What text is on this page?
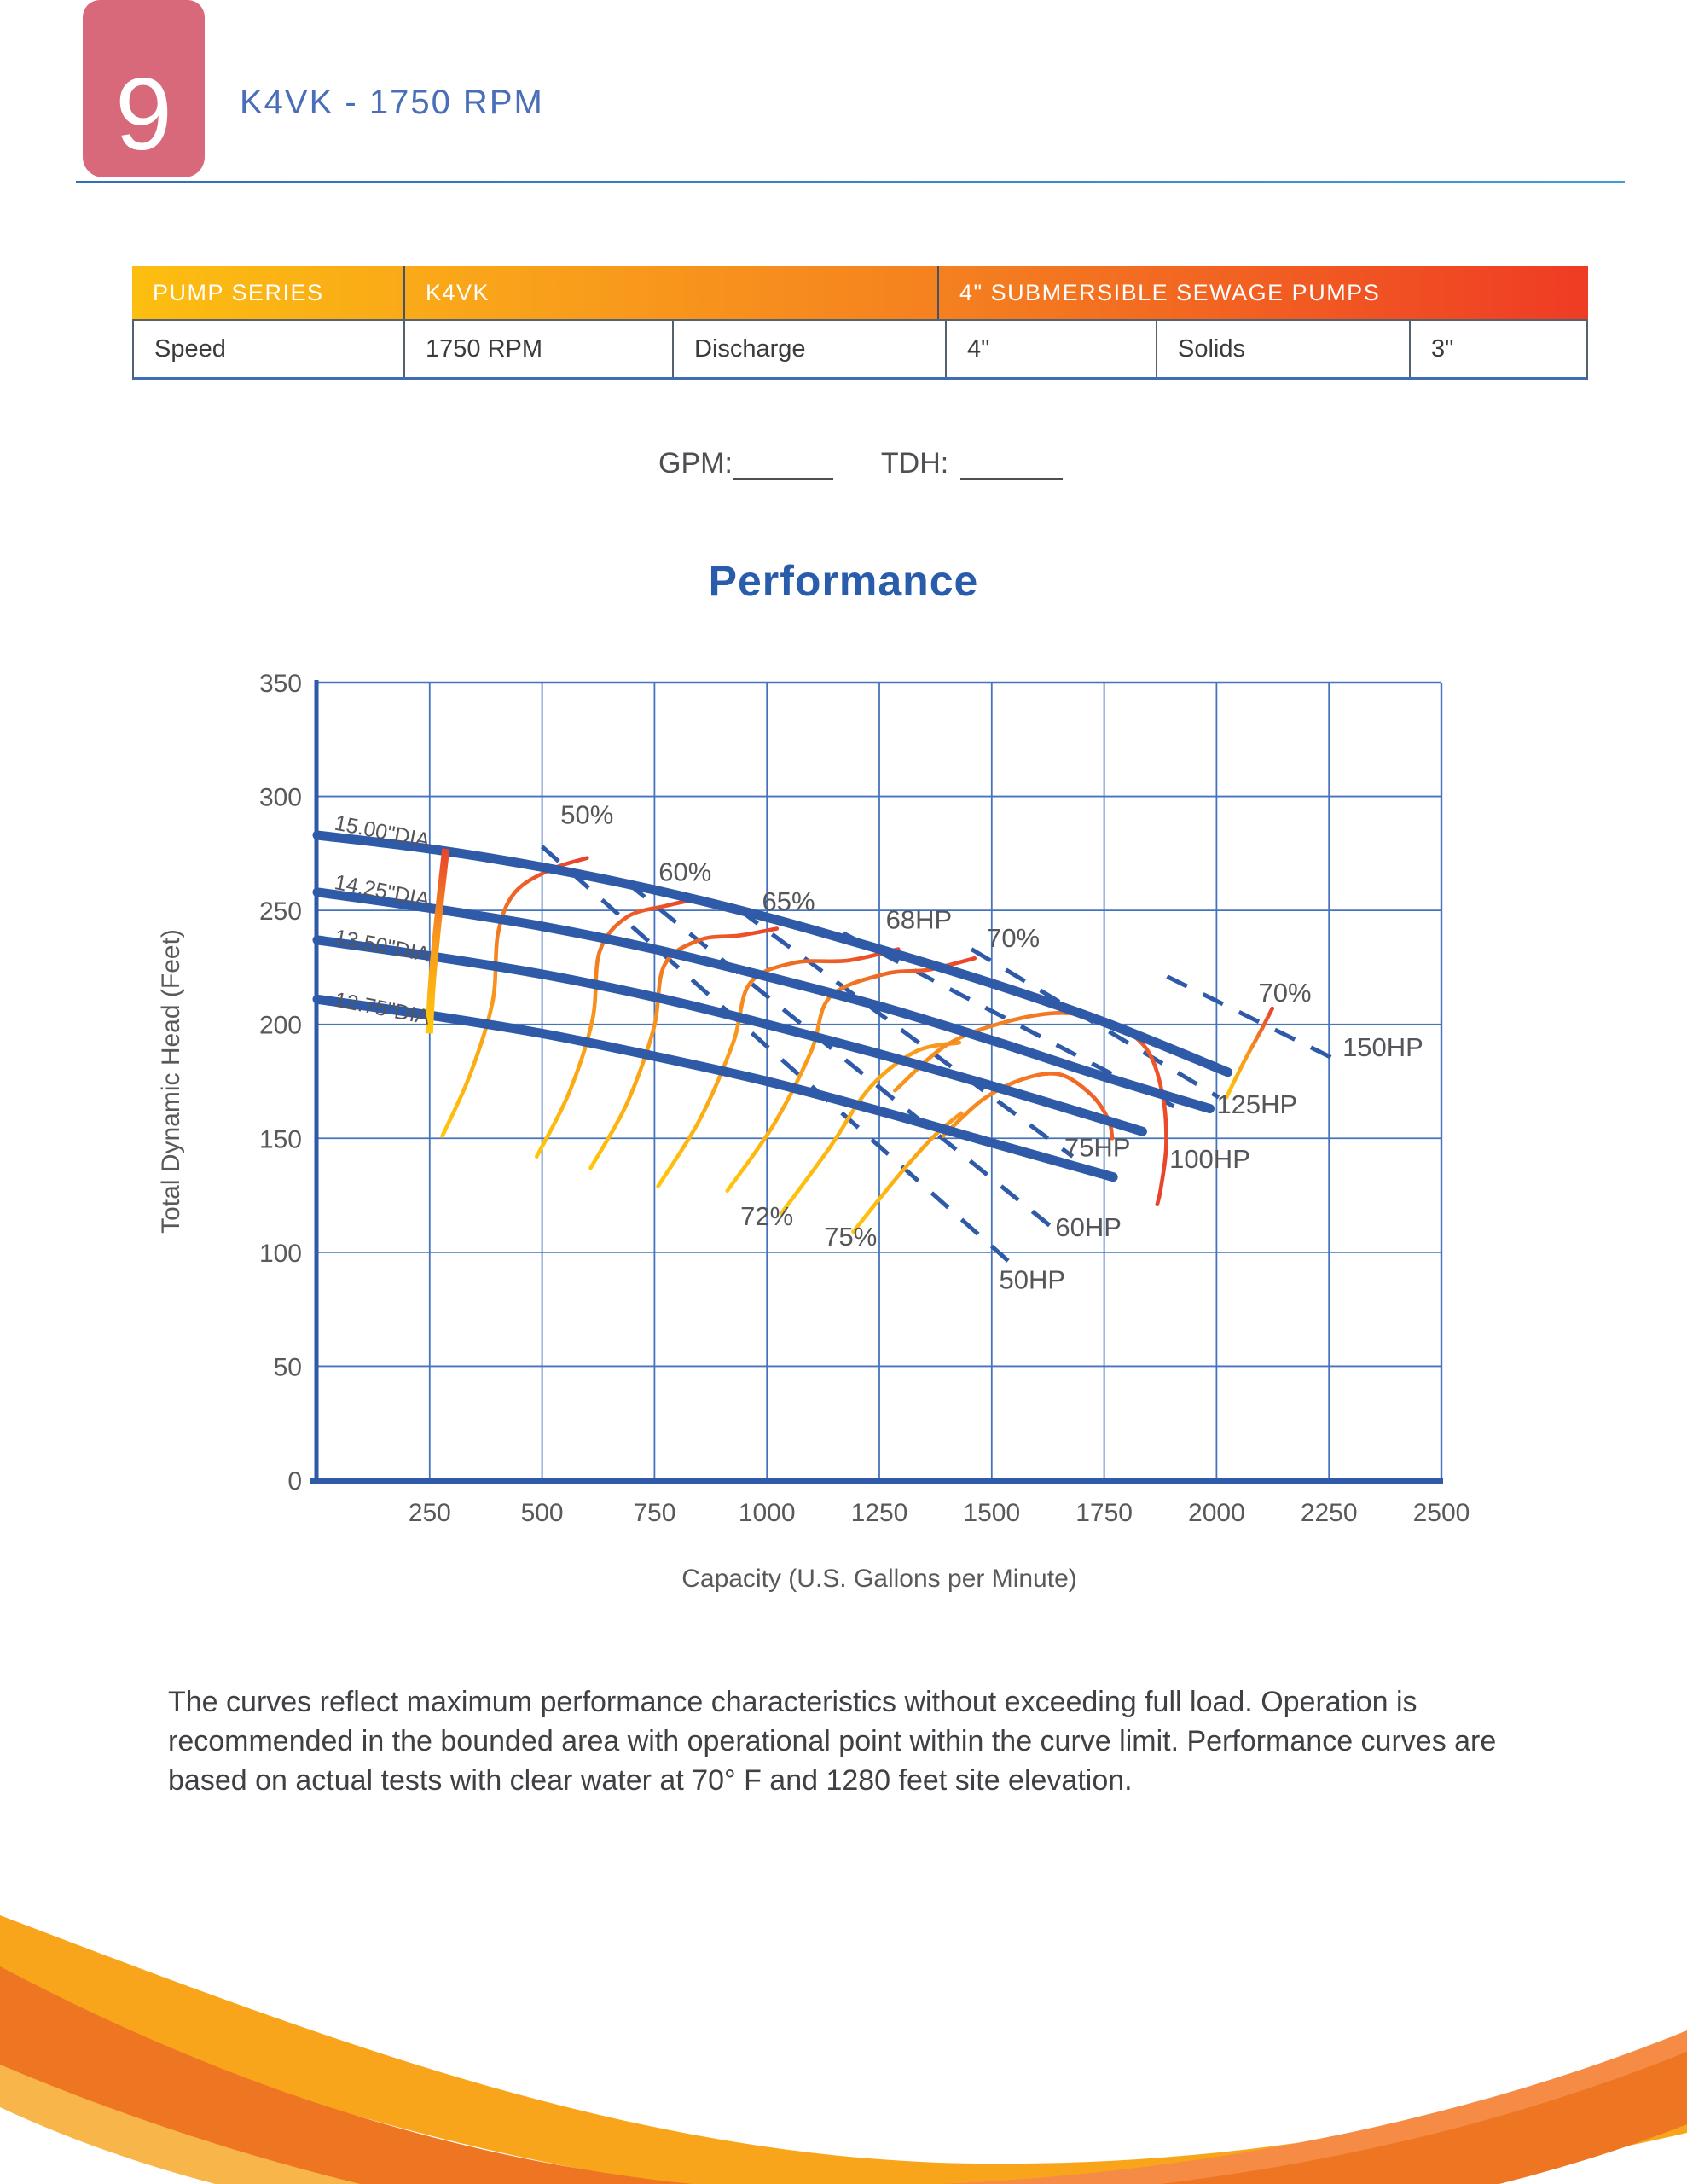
9 K4VK - 1750 RPM
PUMP SERIES	K4VK	4" SUBMERSIBLE SEWAGE PUMPS
Speed	1750 RPM	Discharge	4"	Solids	3"
GPM:	TDH:
Performance
15.00"DIA
14.25"DIA
13.50"DIA
12.75"DIA
50%
60%
65%
68HP
70%
72%
75%
70%
50HP
60HP
75HP 100HP
125HP
150HP
0
50
100
150
200
250
300
350
250	500	750 1000 1250 1500 1750 2000 2250 2500
Capacity (U.S. Gallons per Minute)
Total Dynamic Head (Feet)
The curves reflect maximum performance characteristics without exceeding full load. Operation is recommended in the bounded area with operational point within the curve limit. Performance curves are based on actual tests with clear water at 70° F and 1280 feet site elevation.
